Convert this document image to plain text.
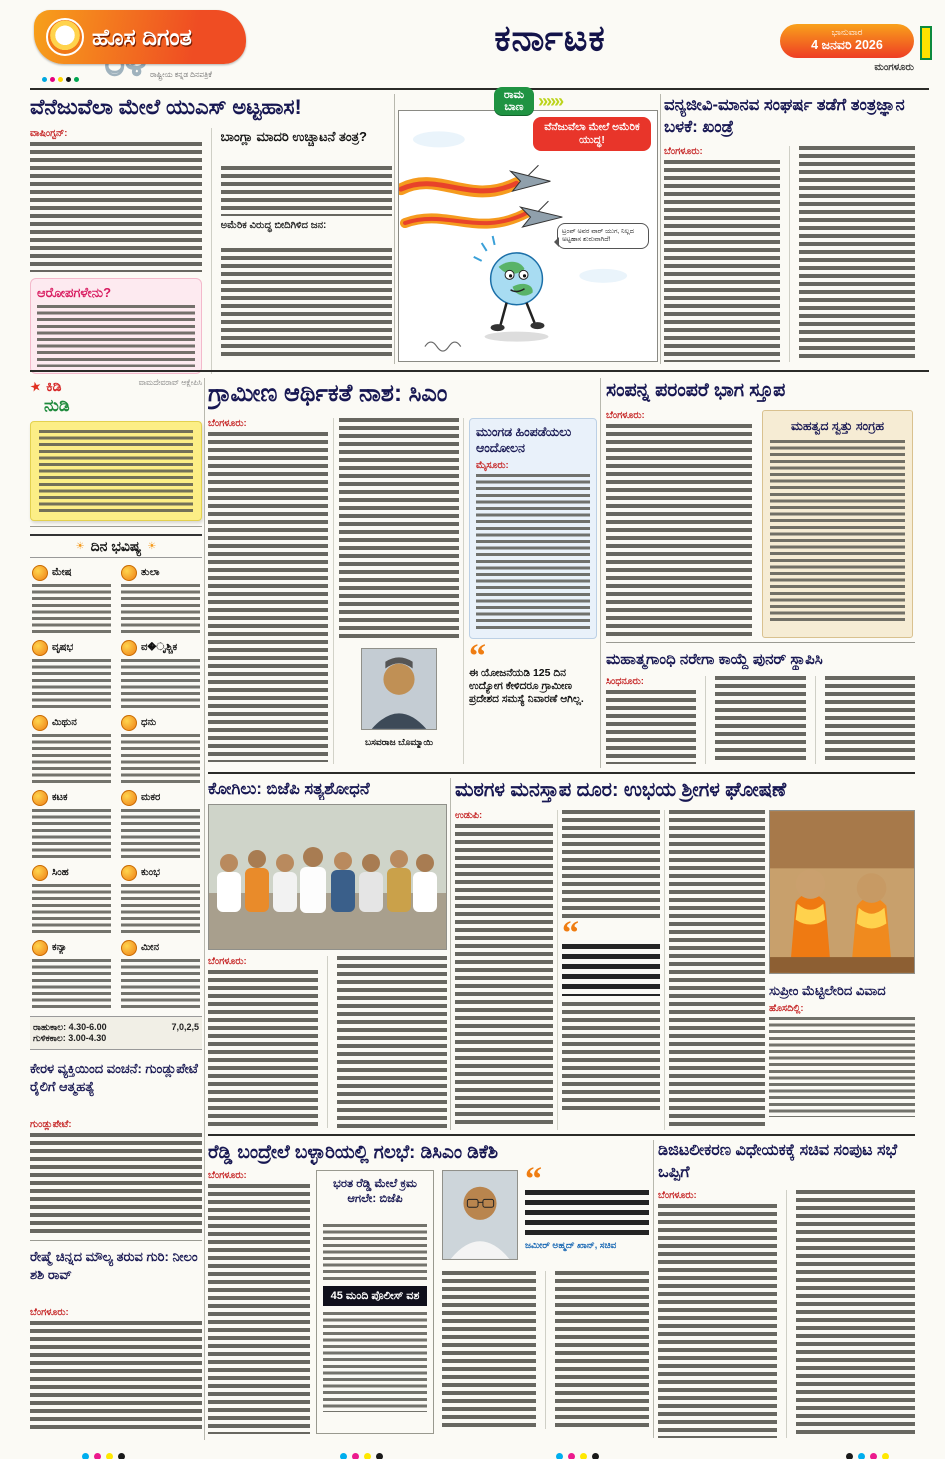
ಹೊಸ ದಿಗಂತ
ರಾಷ್ಟ್ರೀಯ ಕನ್ನಡ ದಿನಪತ್ರಿಕೆ
ಕರ್ನಾಟಕ	ಭಾನುವಾರ
4 ಜನವರಿ 2026
ಮಂಗಳೂರು
ವೆನೆಜುವೆಲಾ ಮೇಲೆ ಯುಎಸ್ ಅಟ್ಟಹಾಸ!
ವಾಷಿಂಗ್ಟನ್:
ಆರೋಪಗಳೇನು?
ಬಾಂಗ್ಲಾ ಮಾದರಿ ಉಚ್ಚಾಟನೆ ತಂತ್ರ?
ಅಮೆರಿಕ ವಿರುದ್ಧ ಬೀದಿಗಿಳಿದ ಜನ:
ರಾಮ
ಬಾಣ »»»
ವೆನೆಜುವೆಲಾ ಮೇಲೆ ಅಮೆರಿಕ ಯುದ್ಧ!
ಟ್ರಂಪ್ ಅವರ ವಾರ್ ಯುಗ, ನಿಲ್ಲದ ಅಟ್ಟಹಾಸ ಶುರುವಾಗಿದೆ!
ವನ್ಯಜೀವಿ-ಮಾನವ ಸಂಘರ್ಷ ತಡೆಗೆ ತಂತ್ರಜ್ಞಾನ ಬಳಕೆ: ಖಂಡ್ರೆ
ಬೆಂಗಳೂರು:
★ ಕಿಡಿ
ನುಡಿ
ವಾಮದೇವರಾವ್ ಆಕ್ಷೇಪಿಸಿ
☀ ದಿನ ಭವಿಷ್ಯ ☀
ಮೇಷ	ತುಲಾ
ವೃಷಭ	ವ�ೃಶ್ಚಿಕ
ಮಿಥುನ	ಧನು
ಕಟಕ	ಮಕರ
ಸಿಂಹ	ಕುಂಭ
ಕನ್ಯಾ	ಮೀನ
ರಾಹುಕಾಲ: 4.30-6.00	7,0,2,5
ಗುಳಿಕಕಾಲ: 3.00-4.30
ಕೇರಳ ವ್ಯಕ್ತಿಯಿಂದ ವಂಚನೆ: ಗುಂಡ್ಲುಪೇಟೆ ರೈಲಿಗೆ ಆತ್ಮಹತ್ಯೆ
ಗುಂಡ್ಲುಪೇಟೆ:
ರೇಷ್ಮೆ ಚಿನ್ನದ ಮೌಲ್ಯ ತರುವ ಗುರಿ: ನೀಲಂ ಶಶಿ ರಾವ್
ಬೆಂಗಳೂರು:
ಗ್ರಾಮೀಣ ಆರ್ಥಿಕತೆ ನಾಶ: ಸಿಎಂ
ಬೆಂಗಳೂರು:
ಬಸವರಾಜ ಬೊಮ್ಮಾಯಿ
ಮುಂಗಡ ಹಿಂಪಡೆಯಲು ಆಂದೋಲನ
ಮೈಸೂರು:
“
ಈ ಯೋಜನೆಯಡಿ 125 ದಿನ ಉದ್ಯೋಗ ಕೇಳಿದರೂ ಗ್ರಾಮೀಣ ಪ್ರದೇಶದ ಸಮಸ್ಯೆ ನಿವಾರಣೆ ಆಗಿಲ್ಲ.
ಸಂಪನ್ನ ಪರಂಪರೆ ಭಾಗ ಸ್ತೂಪ
ಬೆಂಗಳೂರು:
ಮಹತ್ವದ ಸ್ವತ್ತು ಸಂಗ್ರಹ
ಮಹಾತ್ಮಗಾಂಧಿ ನರೇಗಾ ಕಾಯ್ದೆ ಪುನರ್ ಸ್ಥಾಪಿಸಿ
ಸಿಂಧನೂರು:
ಕೋಗಿಲು: ಬಿಜೆಪಿ ಸತ್ಯಶೋಧನೆ
ಬೆಂಗಳೂರು:
ಮಠಗಳ ಮನಸ್ತಾಪ ದೂರ: ಉಭಯ ಶ್ರೀಗಳ ಘೋಷಣೆ
ಉಡುಪಿ:
“
ಸುಪ್ರೀಂ ಮೆಟ್ಟಿಲೇರಿದ ವಿವಾದ
ಹೊಸದಿಲ್ಲಿ:
ರೆಡ್ಡಿ ಬಂದ್ರೇಲೆ ಬಳ್ಳಾರಿಯಲ್ಲಿ ಗಲಭೆ: ಡಿಸಿಎಂ ಡಿಕೆಶಿ
ಬೆಂಗಳೂರು:
ಭರತ ರೆಡ್ಡಿ ಮೇಲೆ ಕ್ರಮ ಆಗಲೇ: ಬಿಜೆಪಿ
45 ಮಂದಿ ಪೊಲೀಸ್ ವಶ
“
ಜಮೀರ್ ಅಹ್ಮದ್ ಖಾನ್, ಸಚಿವ
ಡಿಜಿಟಲೀಕರಣ ವಿಧೇಯಕಕ್ಕೆ ಸಚಿವ ಸಂಪುಟ ಸಭೆ ಒಪ್ಪಿಗೆ
ಬೆಂಗಳೂರು:
